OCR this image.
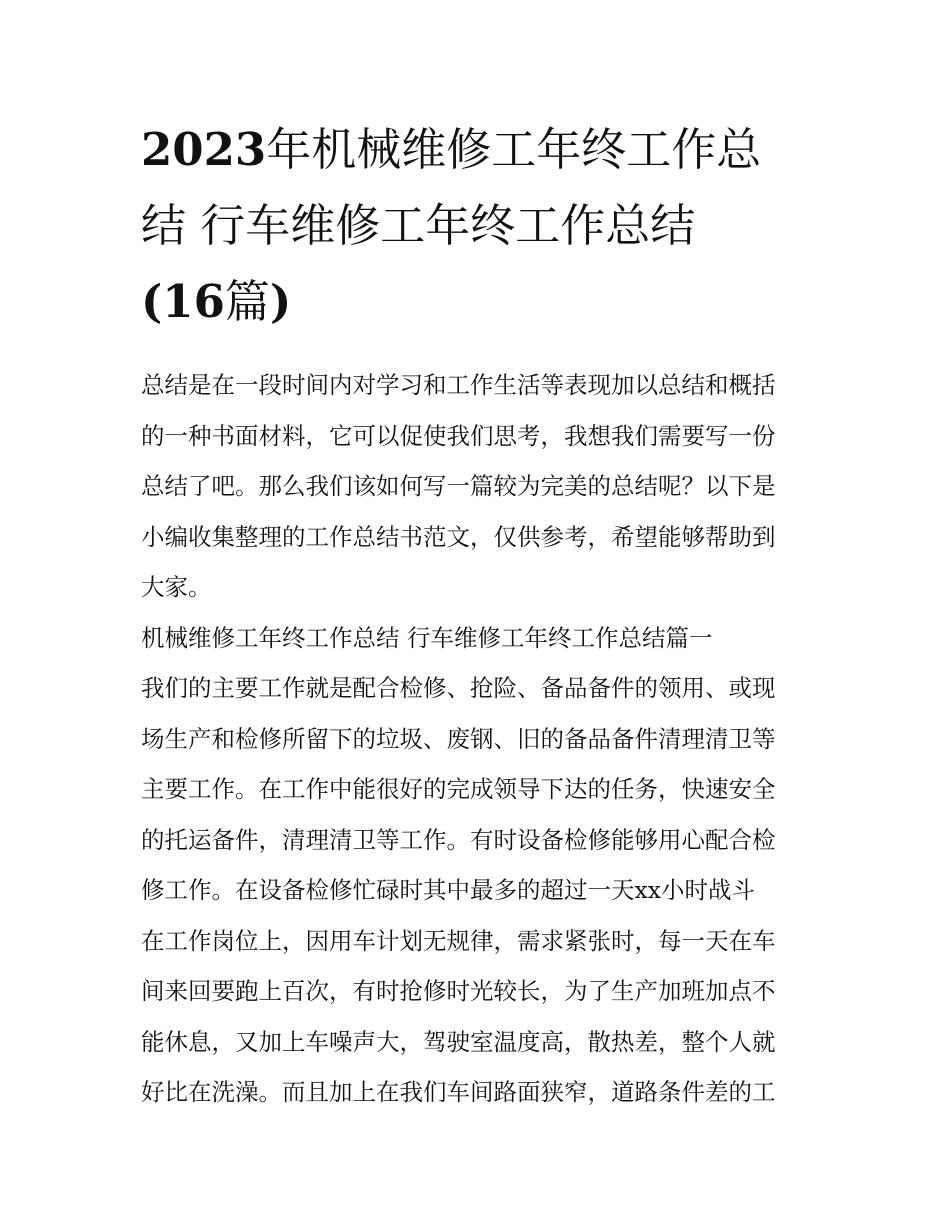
2023年机械维修工年终工作总
结 行车维修工年终工作总结
(16篇)
总结是在一段时间内对学习和工作生活等表现加以总结和概括
的一种书面材料，它可以促使我们思考，我想我们需要写一份
总结了吧。那么我们该如何写一篇较为完美的总结呢？以下是
小编收集整理的工作总结书范文，仅供参考，希望能够帮助到
大家。

机械维修工年终工作总结 行车维修工年终工作总结篇一

我们的主要工作就是配合检修、抢险、备品备件的领用、或现
场生产和检修所留下的垃圾、废钢、旧的备品备件清理清卫等
主要工作。在工作中能很好的完成领导下达的任务，快速安全
的托运备件，清理清卫等工作。有时设备检修能够用心配合检
修工作。在设备检修忙碌时其中最多的超过一天xx小时战斗
在工作岗位上，因用车计划无规律，需求紧张时，每一天在车
间来回要跑上百次，有时抢修时光较长，为了生产加班加点不
能休息，又加上车噪声大，驾驶室温度高，散热差，整个人就
好比在洗澡。而且加上在我们车间路面狭窄，道路条件差的工
